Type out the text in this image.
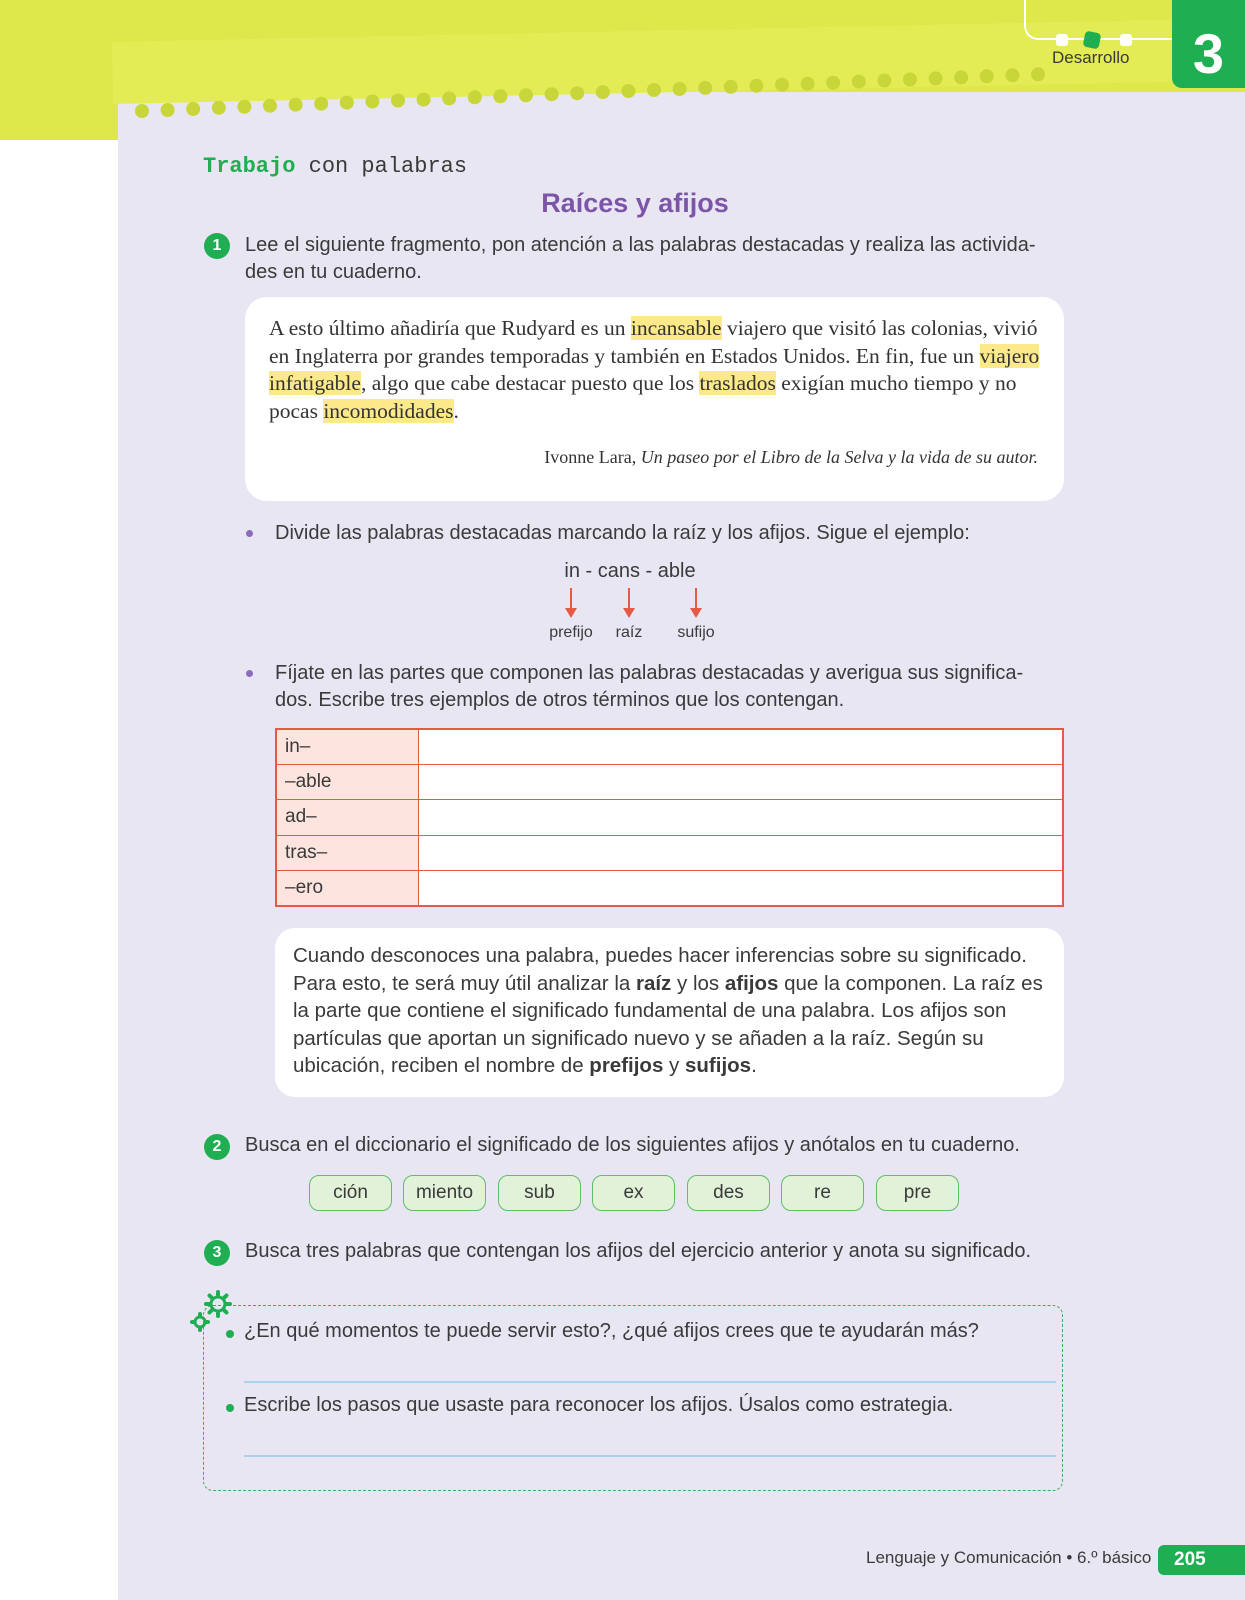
Desarrollo	3
Trabajo con palabras
Raíces y afijos
1	Lee el siguiente fragmento, pon atención a las palabras destacadas y realiza las activida- des en tu cuaderno.
A esto último añadiría que Rudyard es un incansable viajero que visitó las colonias, vivió en Inglaterra por grandes temporadas y también en Estados Unidos. En fin, fue un viajero infatigable, algo que cabe destacar puesto que los traslados exigían mucho tiempo y no pocas incomodidades.
Ivonne Lara, Un paseo por el Libro de la Selva y la vida de su autor.
Divide las palabras destacadas marcando la raíz y los afijos. Sigue el ejemplo:
in - cans - able
prefijo	raíz	sufijo
Fíjate en las partes que componen las palabras destacadas y averigua sus significa- dos. Escribe tres ejemplos de otros términos que los contengan.
in–	
–able	
ad–	
tras–	
–ero	
Cuando desconoces una palabra, puedes hacer inferencias sobre su significado. Para esto, te será muy útil analizar la raíz y los afijos que la componen. La raíz es la parte que contiene el significado fundamental de una palabra. Los afijos son partículas que aportan un significado nuevo y se añaden a la raíz. Según su ubicación, reciben el nombre de prefijos y sufijos.
2	Busca en el diccionario el significado de los siguientes afijos y anótalos en tu cuaderno.
ción	miento	sub	ex	des	re	pre
3	Busca tres palabras que contengan los afijos del ejercicio anterior y anota su significado.
¿En qué momentos te puede servir esto?, ¿qué afijos crees que te ayudarán más?
Escribe los pasos que usaste para reconocer los afijos. Úsalos como estrategia.
Lenguaje y Comunicación • 6.º básico	205
